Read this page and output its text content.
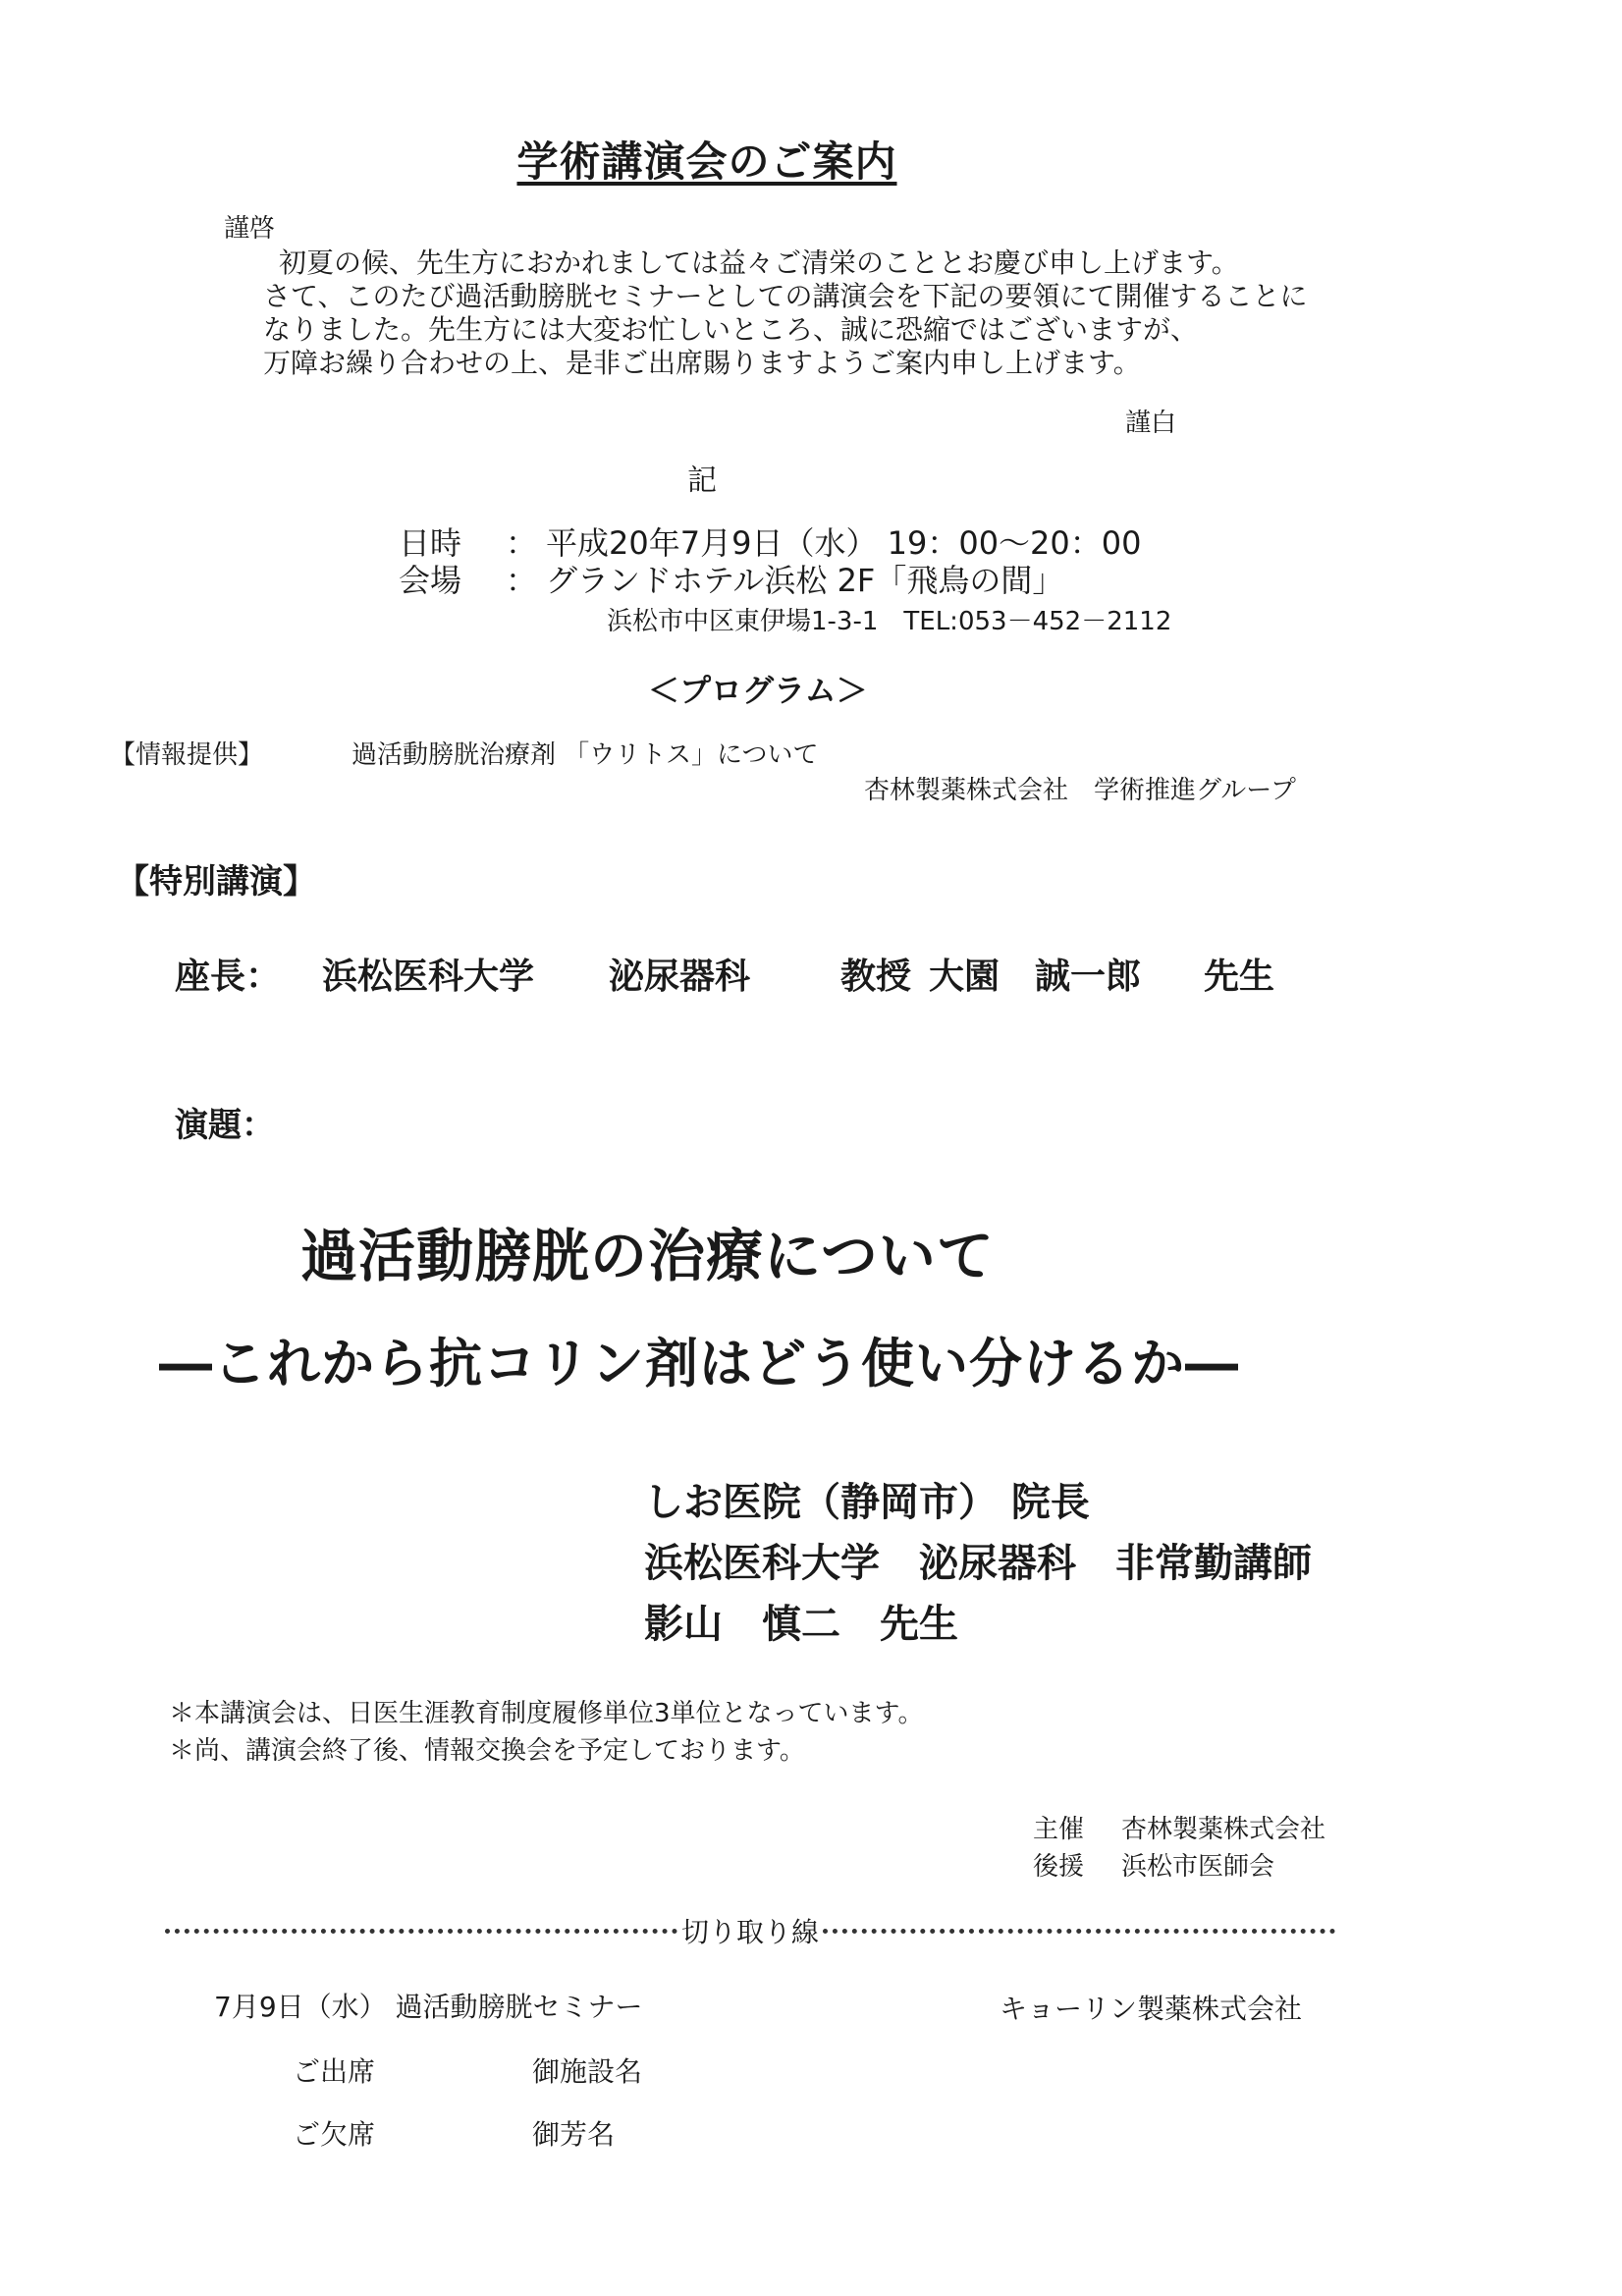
学術講演会のご案内
謹啓
初夏の候、先生方におかれましては益々ご清栄のこととお慶び申し上げます。
さて、このたび過活動膀胱セミナーとしての講演会を下記の要領にて開催することに
なりました。先生方には大変お忙しいところ、誠に恐縮ではございますが、
万障お繰り合わせの上、是非ご出席賜りますようご案内申し上げます。
謹白
記
日時 ： 平成20年7月9日（水） 19：00～20：00
会場 ： グランドホテル浜松 2F「飛鳥の間」
浜松市中区東伊場1-3-1　TEL:053－452－2112
＜プログラム＞
【情報提供】	過活動膀胱治療剤 「ウリトス」について
杏林製薬株式会社　学術推進グループ
【特別講演】
座長： 浜松医科大学 泌尿器科	教授 大園　誠一郎 先生
演題：
過活動膀胱の治療について
―これから抗コリン剤はどう使い分けるか―
しお医院（静岡市） 院長
浜松医科大学　泌尿器科　非常勤講師
影山　慎二　先生
＊本講演会は、日医生涯教育制度履修単位3単位となっています。
＊尚、講演会終了後、情報交換会を予定しております。
主催 杏林製薬株式会社
後援 浜松市医師会
切り取り線
7月9日（水） 過活動膀胱セミナー	キョーリン製薬株式会社
ご出席	御施設名
ご欠席	御芳名
